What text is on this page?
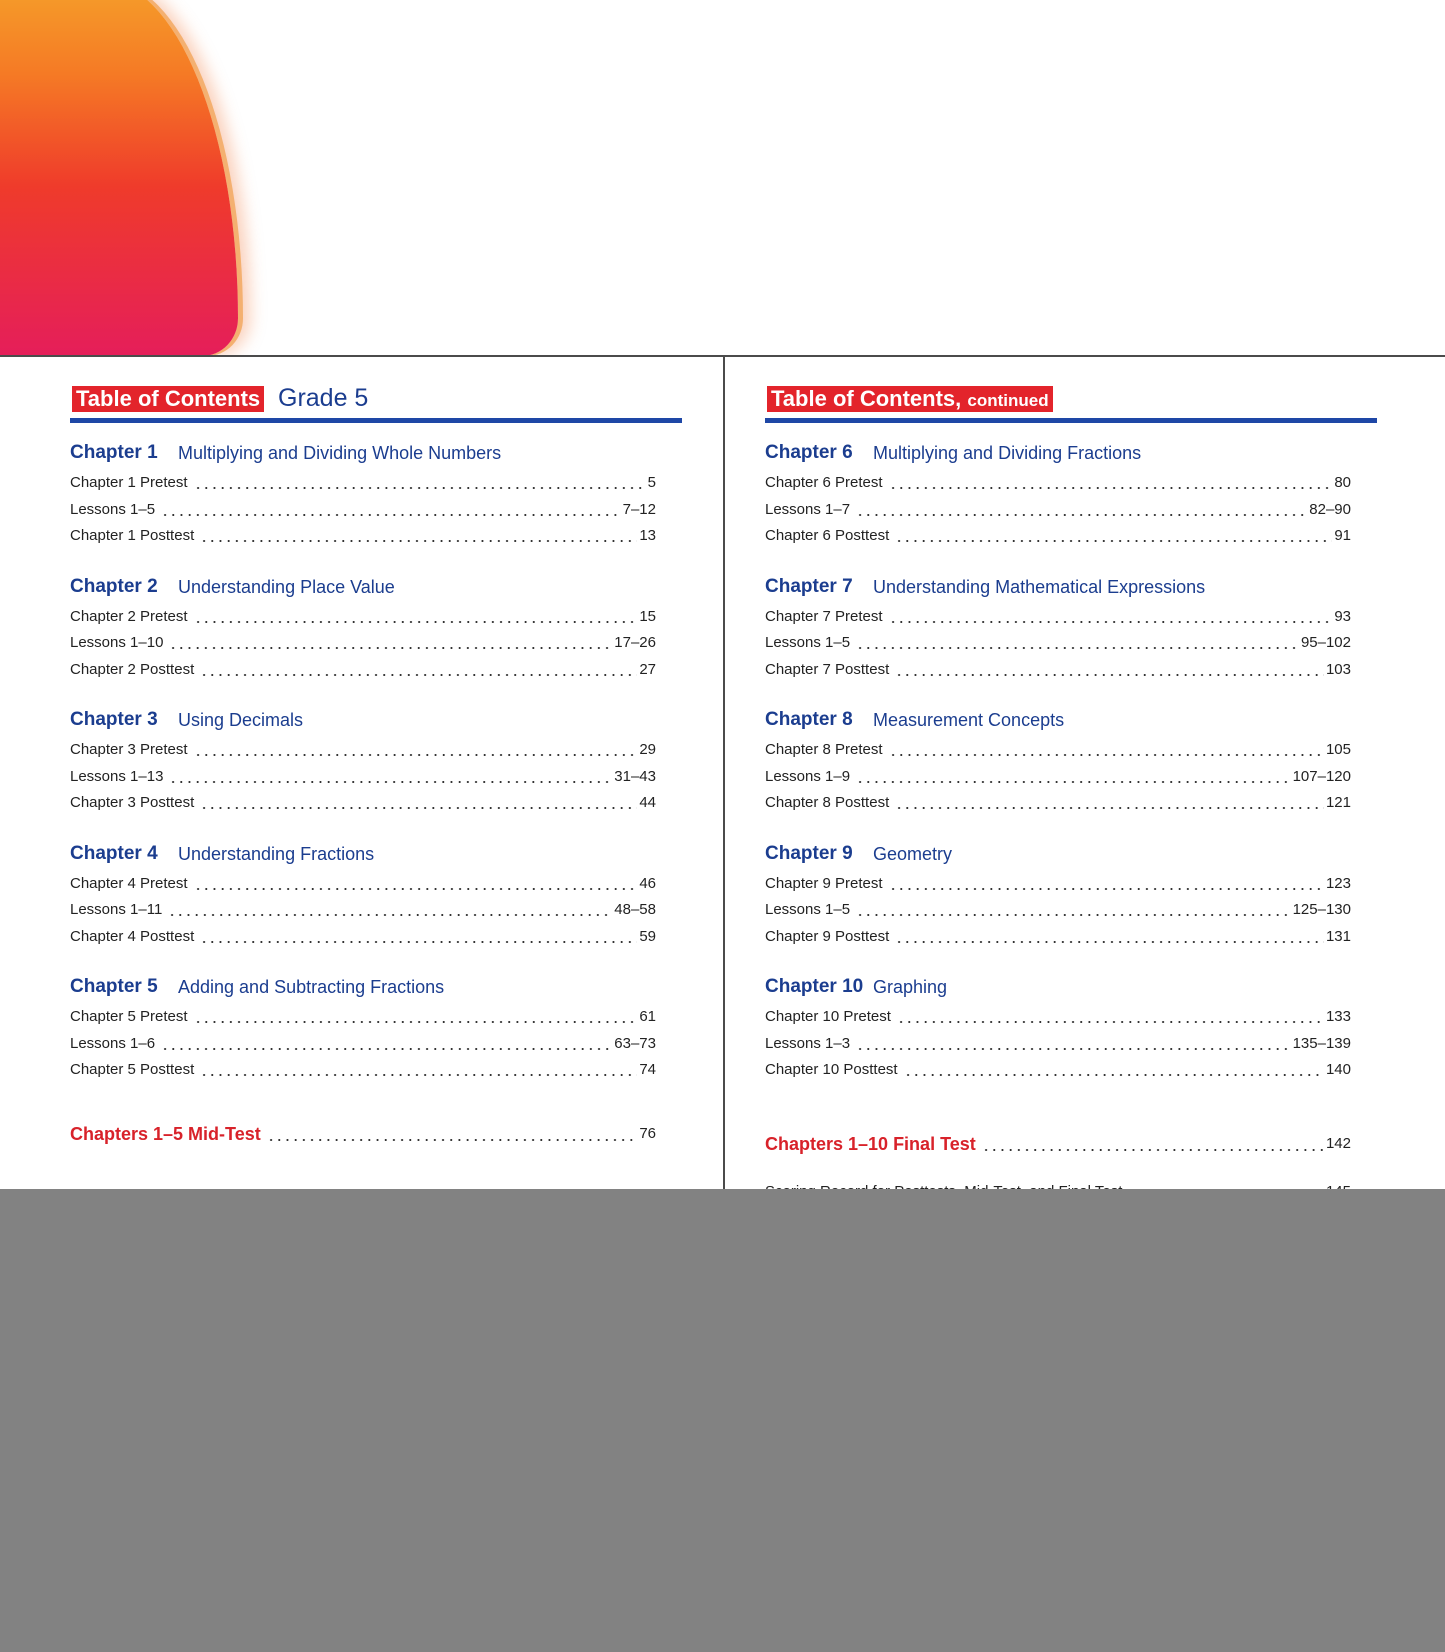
Table of Contents Grade 5
Chapter 1 Multiplying and Dividing Whole Numbers
Chapter 1 Pretest	5
Lessons 1–5	7–12
Chapter 1 Posttest	13
Chapter 2 Understanding Place Value
Chapter 2 Pretest	15
Lessons 1–10	17–26
Chapter 2 Posttest	27
Chapter 3 Using Decimals
Chapter 3 Pretest	29
Lessons 1–13	31–43
Chapter 3 Posttest	44
Chapter 4 Understanding Fractions
Chapter 4 Pretest	46
Lessons 1–11	48–58
Chapter 4 Posttest	59
Chapter 5 Adding and Subtracting Fractions
Chapter 5 Pretest	61
Lessons 1–6	63–73
Chapter 5 Posttest	74
Chapters 1–5 Mid-Test	76
Table of Contents, continued
Chapter 6 Multiplying and Dividing Fractions
Chapter 6 Pretest	80
Lessons 1–7	82–90
Chapter 6 Posttest	91
Chapter 7 Understanding Mathematical Expressions
Chapter 7 Pretest	93
Lessons 1–5	95–102
Chapter 7 Posttest	103
Chapter 8 Measurement Concepts
Chapter 8 Pretest	105
Lessons 1–9	107–120
Chapter 8 Posttest	121
Chapter 9 Geometry
Chapter 9 Pretest	123
Lessons 1–5	125–130
Chapter 9 Posttest	131
Chapter 10 Graphing
Chapter 10 Pretest	133
Lessons 1–3	135–139
Chapter 10 Posttest	140
Chapters 1–10 Final Test	142
